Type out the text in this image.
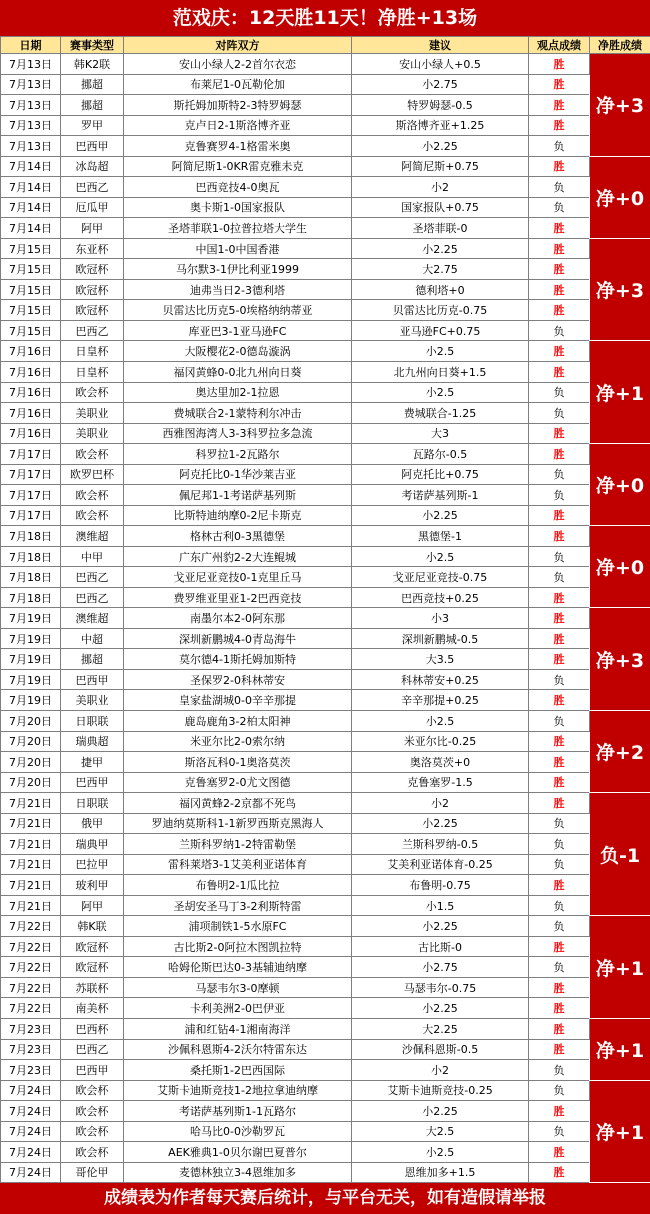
范戏庆：12天胜11天！净胜+13场
日期	赛事类型	对阵双方	建议	观点成绩	净胜成绩
7月13日	韩K2联	安山小绿人2-2首尔衣恋	安山小绿人+0.5	胜	净+3
7月13日	挪超	布莱尼1-0瓦勒伦加	小2.75	胜	
7月13日	挪超	斯托姆加斯特2-3特罗姆瑟	特罗姆瑟-0.5	胜	
7月13日	罗甲	克卢日2-1斯洛博齐亚	斯洛博齐亚+1.25	胜	
7月13日	巴西甲	克鲁赛罗4-1格雷米奥	小2.25	负	
7月14日	冰岛超	阿简尼斯1-0KR雷克雅未克	阿简尼斯+0.75	胜	净+0
7月14日	巴西乙	巴西竞技4-0奥瓦	小2	负	
7月14日	厄瓜甲	奥卡斯1-0国家报队	国家报队+0.75	负	
7月14日	阿甲	圣塔菲联1-0拉普拉塔大学生	圣塔菲联-0	胜	
7月15日	东亚杯	中国1-0中国香港	小2.25	胜	净+3
7月15日	欧冠杯	马尔默3-1伊比利亚1999	大2.75	胜	
7月15日	欧冠杯	迪弗当日2-3德利塔	德利塔+0	胜	
7月15日	欧冠杯	贝雷达比历克5-0埃格纳纳蒂亚	贝雷达比历克-0.75	胜	
7月15日	巴西乙	库亚巴3-1亚马逊FC	亚马逊FC+0.75	负	
7月16日	日皇杯	大阪樱花2-0德岛漩涡	小2.5	胜	净+1
7月16日	日皇杯	福冈黄蜂0-0北九州向日葵	北九州向日葵+1.5	胜	
7月16日	欧会杯	奥达里加2-1拉恩	小2.5	负	
7月16日	美职业	费城联合2-1蒙特利尔冲击	费城联合-1.25	负	
7月16日	美职业	西雅图海湾人3-3科罗拉多急流	大3	胜	
7月17日	欧会杯	科罗拉1-2瓦路尔	瓦路尔-0.5	胜	净+0
7月17日	欧罗巴杯	阿克托比0-1华沙莱吉亚	阿克托比+0.75	负	
7月17日	欧会杯	佩尼邦1-1考诺萨基列斯	考诺萨基列斯-1	负	
7月17日	欧会杯	比斯特迪纳摩0-2尼卡斯克	小2.25	胜	
7月18日	澳维超	格林古利0-3黑德堡	黑德堡-1	胜	净+0
7月18日	中甲	广东广州豹2-2大连鲲城	小2.5	负	
7月18日	巴西乙	戈亚尼亚竞技0-1克里丘马	戈亚尼亚竞技-0.75	负	
7月18日	巴西乙	费罗维亚里亚1-2巴西竞技	巴西竞技+0.25	胜	
7月19日	澳维超	南墨尔本2-0阿东那	小3	胜	净+3
7月19日	中超	深圳新鹏城4-0青岛海牛	深圳新鹏城-0.5	胜	
7月19日	挪超	莫尔德4-1斯托姆加斯特	大3.5	胜	
7月19日	巴西甲	圣保罗2-0科林蒂安	科林蒂安+0.25	负	
7月19日	美职业	皇家盐湖城0-0辛辛那提	辛辛那提+0.25	胜	
7月20日	日职联	鹿岛鹿角3-2柏太阳神	小2.5	负	净+2
7月20日	瑞典超	米亚尔比2-0索尔纳	米亚尔比-0.25	胜	
7月20日	捷甲	斯洛瓦科0-1奥洛莫茨	奥洛莫茨+0	胜	
7月20日	巴西甲	克鲁塞罗2-0尤文图德	克鲁塞罗-1.5	胜	
7月21日	日职联	福冈黄蜂2-2京都不死鸟	小2	胜	负-1
7月21日	俄甲	罗迪纳莫斯科1-1新罗西斯克黑海人	小2.25	负	
7月21日	瑞典甲	兰斯科罗纳1-2特雷勒堡	兰斯科罗纳-0.5	负	
7月21日	巴拉甲	雷科莱塔3-1艾美利亚诺体育	艾美利亚诺体育-0.25	负	
7月21日	玻利甲	布鲁明2-1瓜比拉	布鲁明-0.75	胜	
7月21日	阿甲	圣胡安圣马丁3-2利斯特雷	小1.5	负	
7月22日	韩K联	浦项制铁1-5水原FC	小2.25	负	净+1
7月22日	欧冠杯	古比斯2-0阿拉木图凯拉特	古比斯-0	胜	
7月22日	欧冠杯	哈姆伦斯巴达0-3基辅迪纳摩	小2.75	负	
7月22日	苏联杯	马瑟韦尔3-0摩顿	马瑟韦尔-0.75	胜	
7月22日	南美杯	卡利美洲2-0巴伊亚	小2.25	胜	
7月23日	巴西杯	浦和红钻4-1湘南海洋	大2.25	胜	净+1
7月23日	巴西乙	沙佩科恩斯4-2沃尔特雷东达	沙佩科恩斯-0.5	胜	
7月23日	巴西甲	桑托斯1-2巴西国际	小2	负	
7月24日	欧会杯	艾斯卡迪斯竞技1-2地拉拿迪纳摩	艾斯卡迪斯竞技-0.25	负	净+1
7月24日	欧会杯	考诺萨基列斯1-1瓦路尔	小2.25	胜	
7月24日	欧会杯	哈马比0-0沙勒罗瓦	大2.5	负	
7月24日	欧会杯	AEK雅典1-0贝尔谢巴夏普尔	小2.5	胜	
7月24日	哥伦甲	麦德林独立3-4恩维加多	恩维加多+1.5	胜	
成绩表为作者每天赛后统计，与平台无关，如有造假请举报
